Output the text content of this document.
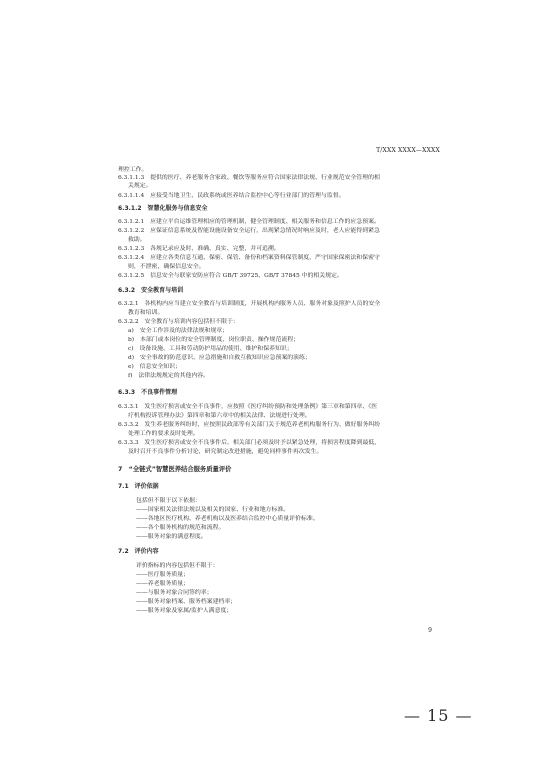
T/XXX XXXX—XXXX
理控工作。
6.3.1.1.3　提供的医疗、养老服务含家政、餐饮等服务应符合国家法律法规、行业规范安全管理的相
关规定。
6.3.1.1.4　应接受当地卫生、民政系统或医养结合监控中心等行业部门的管理与监督。
6.3.1.2　智慧化服务与信息安全
6.3.1.2.1　应建立平台运维管理相应的管理机制，健全管理制度、相关服务和信息工作的应急预案。
6.3.1.2.2　应保证信息系统及智能设施设备安全运行，出现紧急情况时响应及时，老人应能得到紧急
救助。
6.3.1.2.3　各规记录应及时、准确、真实、完整，并可追溯。
6.3.1.2.4　应建立各类信息互通、保密、保管、备份和档案资料保管制度，严守国家保密法和保密守
则，不泄密，确保信息安全。
6.3.1.2.5　信息安全与联家安防应符合 GB/T 39725、GB/T 37845 中的相关规定。
6.3.2　安全教育与培训
6.3.2.1　各机构内应当建立安全教育与培训制度，开展机构内服务人员、服务对象及照护人员的安全
教育和培训。
6.3.2.2　安全教育与培训内容包括但不限于：
a)　安全工作涉及的法律法规和规章；
b)　本部门或本岗位的安全管理制度、岗位职责、操作规范流程；
c)　设备设施、工具和劳动防护用品的使用、维护和保养知识；
d)　安全事故的防范意识、应急措施和自救互救知识应急预案的演练；
e)　信息安全知识；
f)　法律法规规定的其他内容。
6.3.3　不良事件管理
6.3.3.1　发生医疗损害或安全不良事件，应按照《医疗纠纷预防和处理条例》第三章和第四章、《医
疗机构投诉管理办法》第四章和第六章中的相关法律、法规进行处理。
6.3.3.2　发生养老服务纠纷时，应按照民政部等有关部门关于规范养老机构服务行为、做好服务纠纷
处理工作的要求及时处理。
6.3.3.3　发生医疗损害或安全不良事件后，相关部门必须及时予以紧急处理，将损害程度降到最低，
及时召开不良事件分析讨论，研究制定改进措施，避免同样事件再次发生。
7　“全链式”智慧医养结合服务质量评价
7.1　评价依据
包括但不限于以下依据：
——国家相关法律法规以及相关的国家、行业和地方标准。
——各地区医疗机构、养老机构以及医养结合监控中心质量评价标准。
——各个服务机构的规范和流程。
——服务对象的满意程度。
7.2　评价内容
评价指标的内容包括但不限于：
——医疗服务质量；
——养老服务质量；
——与服务对象合同签约率；
——服务对象档案、服务档案建档率；
——服务对象及家属/监护人满意度；
9
— 15 —
